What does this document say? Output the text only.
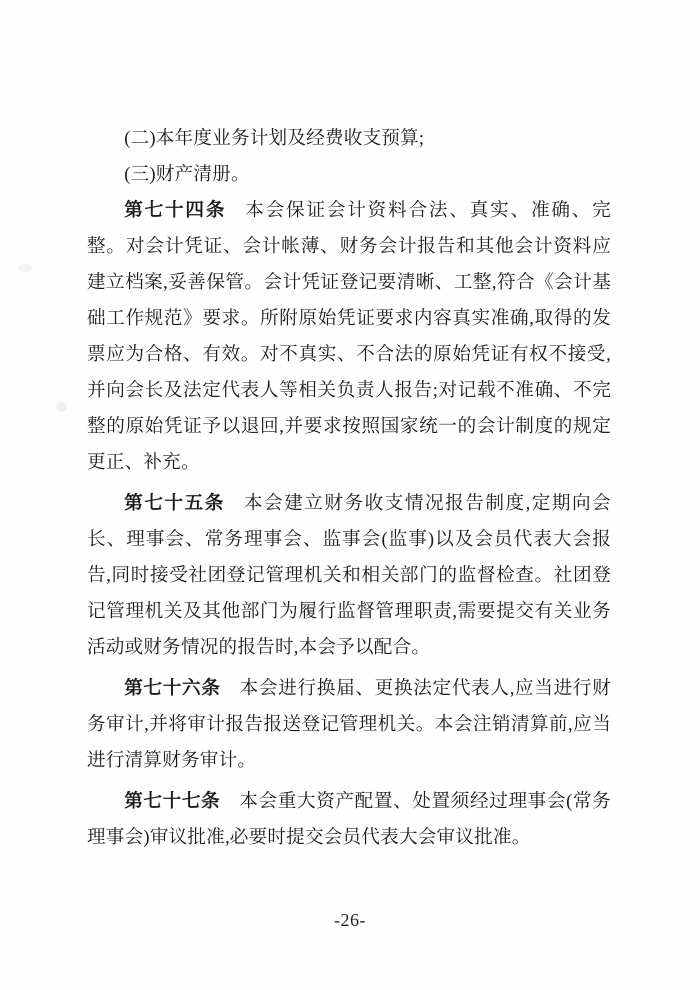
(二)本年度业务计划及经费收支预算;

(三)财产清册。

第七十四条 本会保证会计资料合法、真实、准确、完整。对会计凭证、会计帐薄、财务会计报告和其他会计资料应建立档案,妥善保管。会计凭证登记要清晰、工整,符合《会计基础工作规范》要求。所附原始凭证要求内容真实准确,取得的发票应为合格、有效。对不真实、不合法的原始凭证有权不接受,并向会长及法定代表人等相关负责人报告;对记载不准确、不完整的原始凭证予以退回,并要求按照国家统一的会计制度的规定更正、补充。

第七十五条 本会建立财务收支情况报告制度,定期向会长、理事会、常务理事会、监事会(监事)以及会员代表大会报告,同时接受社团登记管理机关和相关部门的监督检查。社团登记管理机关及其他部门为履行监督管理职责,需要提交有关业务活动或财务情况的报告时,本会予以配合。

第七十六条 本会进行换届、更换法定代表人,应当进行财务审计,并将审计报告报送登记管理机关。本会注销清算前,应当进行清算财务审计。

第七十七条 本会重大资产配置、处置须经过理事会(常务理事会)审议批准,必要时提交会员代表大会审议批准。

-26-
